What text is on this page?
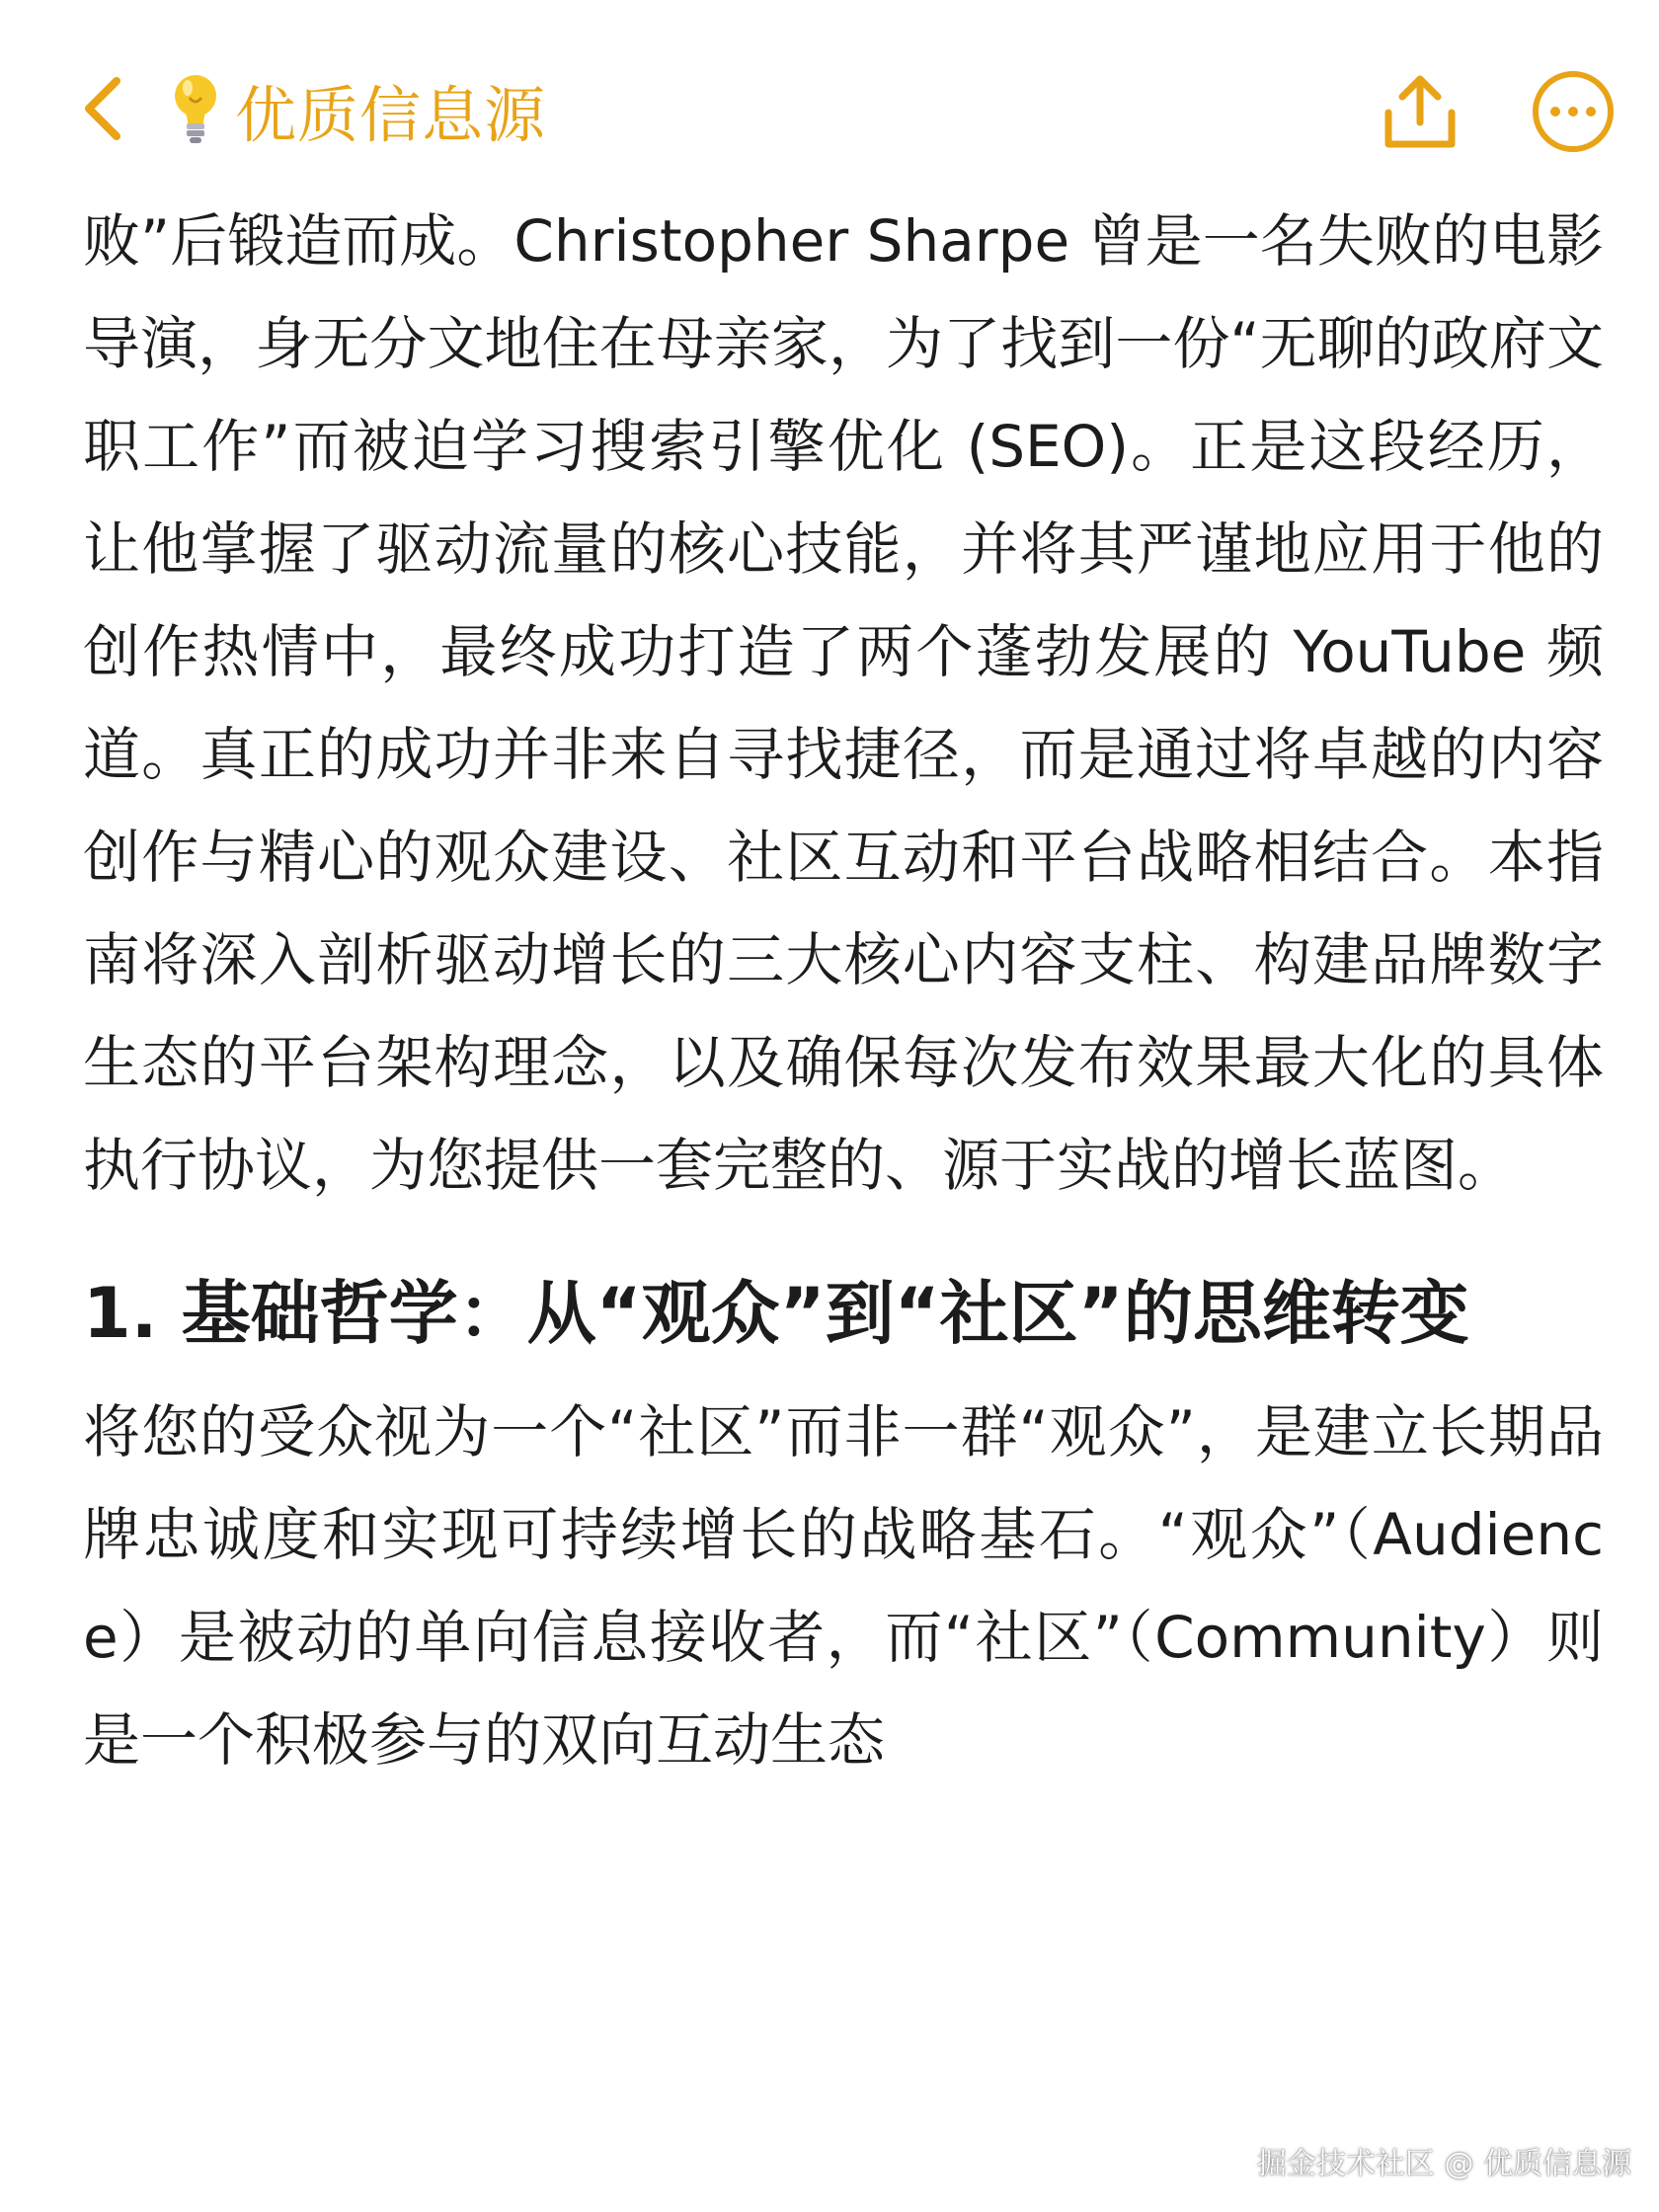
优质信息源

败”后锻造而成。Christopher Sharpe 曾是一名失败的电影导演，身无分文地住在母亲家，为了找到一份“无聊的政府文职工作”而被迫学习搜索引擎优化 (SEO)。正是这段经历，让他掌握了驱动流量的核心技能，并将其严谨地应用于他的创作热情中，最终成功打造了两个蓬勃发展的 YouTube 频道。真正的成功并非来自寻找捷径，而是通过将卓越的内容创作与精心的观众建设、社区互动和平台战略相结合。本指南将深入剖析驱动增长的三大核心内容支柱、构建品牌数字生态的平台架构理念，以及确保每次发布效果最大化的具体执行协议，为您提供一套完整的、源于实战的增长蓝图。

1. 基础哲学：从“观众”到“社区”的思维转变

将您的受众视为一个“社区”而非一群“观众”，是建立长期品牌忠诚度和实现可持续增长的战略基石。“观众”（Audience）是被动的单向信息接收者，而“社区”（Community）则是一个积极参与的双向互动生态

掘金技术社区 @ 优质信息源
